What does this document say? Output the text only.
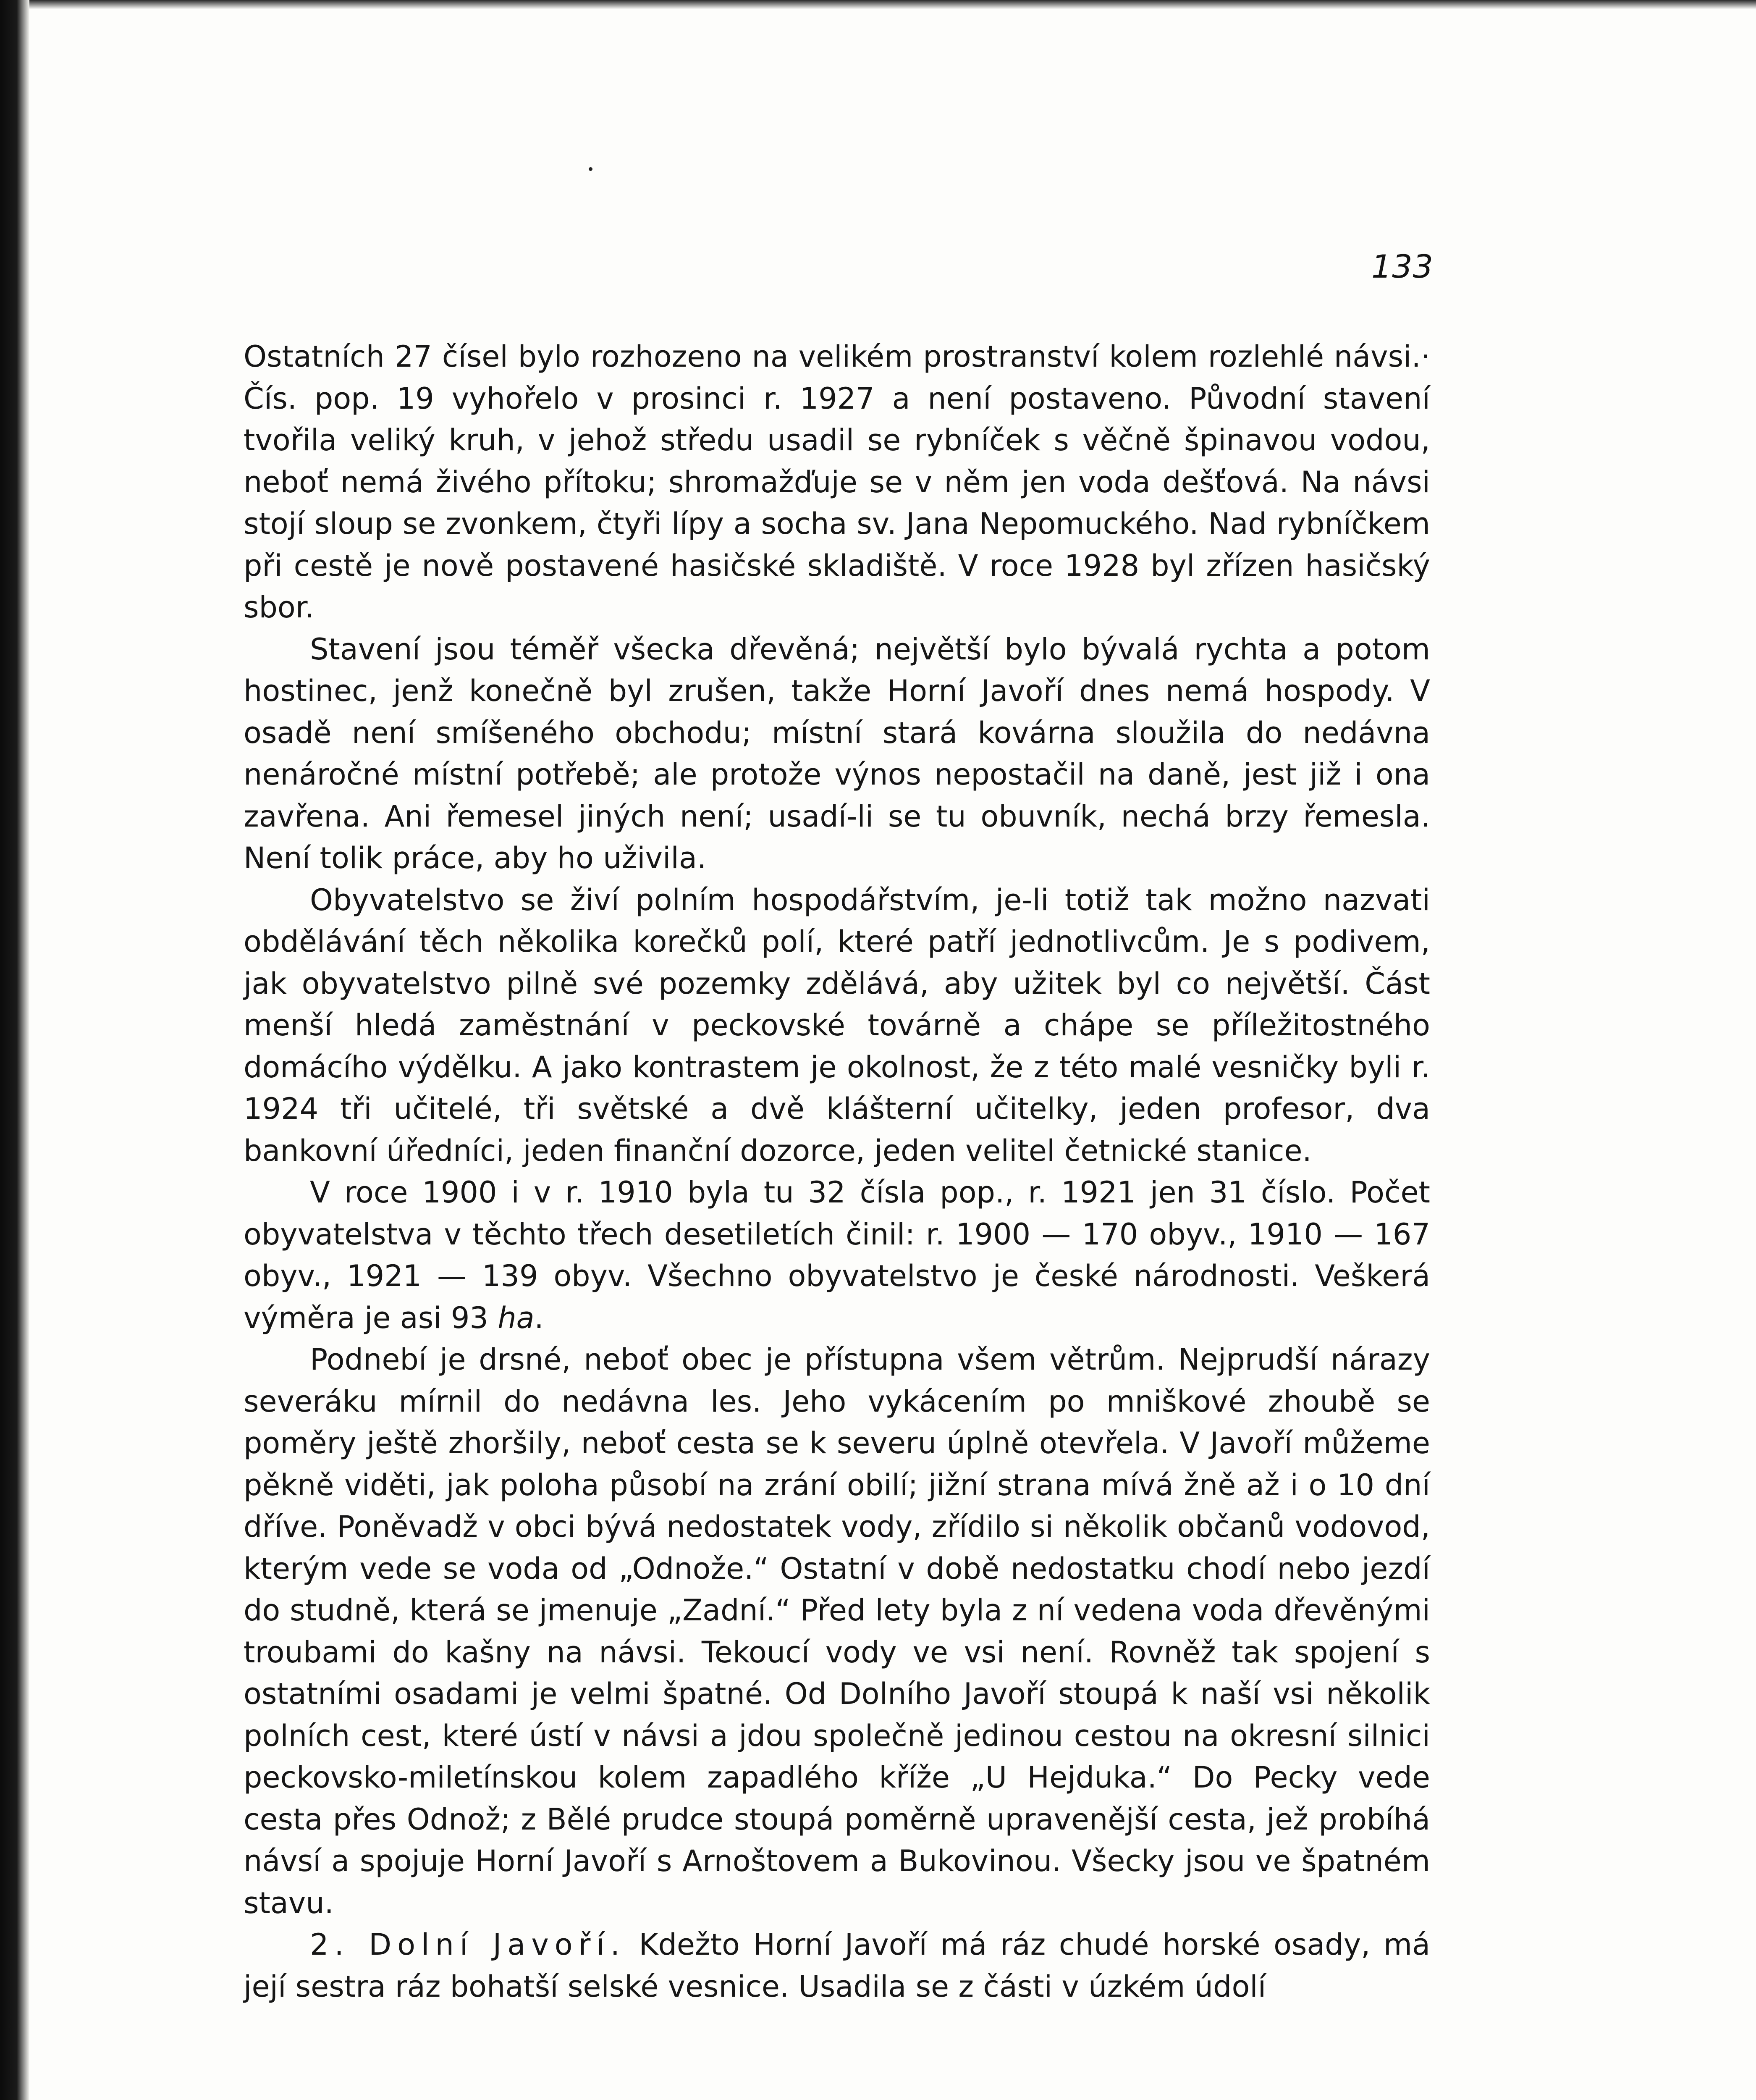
133

Ostatních 27 čísel bylo rozhozeno na velikém prostranství kolem rozlehlé návsi.· Čís. pop. 19 vyhořelo v prosinci r. 1927 a není postaveno. Původní stavení tvořila veliký kruh, v jehož středu usadil se rybníček s věčně špinavou vodou, neboť nemá živého přítoku; shromažďuje se v něm jen voda dešťová. Na návsi stojí sloup se zvonkem, čtyři lípy a socha sv. Jana Nepomuckého. Nad rybníčkem při cestě je nově postavené hasičské skladiště. V roce 1928 byl zřízen hasičský sbor.

Stavení jsou téměř všecka dřevěná; největší bylo bývalá rychta a potom hostinec, jenž konečně byl zrušen, takže Horní Javoří dnes nemá hospody. V osadě není smíšeného obchodu; místní stará kovárna sloužila do nedávna nenáročné místní potřebě; ale protože výnos nepostačil na daně, jest již i ona zavřena. Ani řemesel jiných není; usadí-li se tu obuvník, nechá brzy řemesla. Není tolik práce, aby ho uživila.

Obyvatelstvo se živí polním hospodářstvím, je-li totiž tak možno nazvati obdělávání těch několika korečků polí, které patří jednotlivcům. Je s podivem, jak obyvatelstvo pilně své pozemky zdělává, aby užitek byl co největší. Část menší hledá zaměstnání v peckovské továrně a chápe se příležitostného domácího výdělku. A jako kontrastem je okolnost, že z této malé vesničky byli r. 1924 tři učitelé, tři světské a dvě klášterní učitelky, jeden profesor, dva bankovní úředníci, jeden finanční dozorce, jeden velitel četnické stanice.

V roce 1900 i v r. 1910 byla tu 32 čísla pop., r. 1921 jen 31 číslo. Počet obyvatelstva v těchto třech desetiletích činil: r. 1900 — 170 obyv., 1910 — 167 obyv., 1921 — 139 obyv. Všechno obyvatelstvo je české národnosti. Veškerá výměra je asi 93 ha.

Podnebí je drsné, neboť obec je přístupna všem větrům. Nejprudší nárazy severáku mírnil do nedávna les. Jeho vykácením po mniškové zhoubě se poměry ještě zhoršily, neboť cesta se k severu úplně otevřela. V Javoří můžeme pěkně viděti, jak poloha působí na zrání obilí; jižní strana mívá žně až i o 10 dní dříve. Poněvadž v obci bývá nedostatek vody, zřídilo si několik občanů vodovod, kterým vede se voda od „Odnože.“ Ostatní v době nedostatku chodí nebo jezdí do studně, která se jmenuje „Zadní.“ Před lety byla z ní vedena voda dřevěnými troubami do kašny na návsi. Tekoucí vody ve vsi není. Rovněž tak spojení s ostatními osadami je velmi špatné. Od Dolního Javoří stoupá k naší vsi několik polních cest, které ústí v návsi a jdou společně jedinou cestou na okresní silnici peckovsko-miletínskou kolem zapadlého kříže „U Hejduka.“ Do Pecky vede cesta přes Odnož; z Bělé prudce stoupá poměrně upravenější cesta, jež probíhá návsí a spojuje Horní Javoří s Arnoštovem a Bukovinou. Všecky jsou ve špatném stavu.

2. Dolní Javoří. Kdežto Horní Javoří má ráz chudé horské osady, má její sestra ráz bohatší selské vesnice. Usadila se z části v úzkém údolí
